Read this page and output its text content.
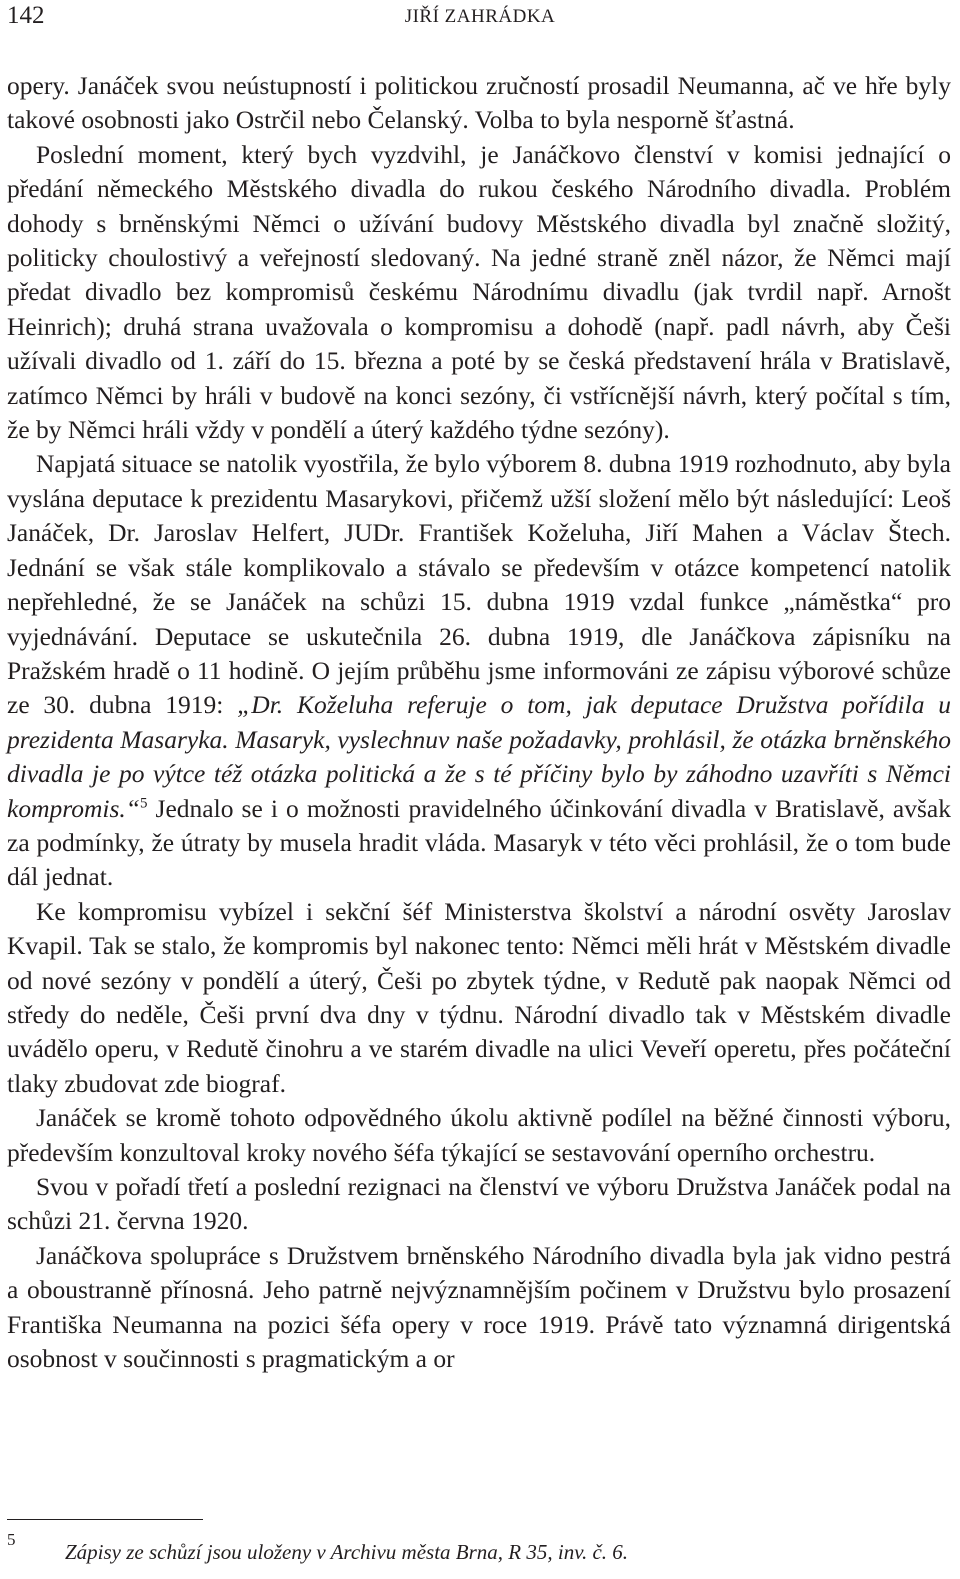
142	JIŘÍ ZAHRÁDKA

opery. Janáček svou neústupností i politickou zručností prosadil Neumanna, ač ve hře byly takové osobnosti jako Ostrčil nebo Čelanský. Volba to byla nesporně šťastná.

Poslední moment, který bych vyzdvihl, je Janáčkovo členství v komisi jednající o předání německého Městského divadla do rukou českého Národního divadla. Problém dohody s brněnskými Němci o užívání budovy Městského divadla byl značně složitý, politicky choulostivý a veřejností sledovaný. Na jedné straně zněl názor, že Němci mají předat divadlo bez kompromisů českému Národnímu divadlu (jak tvrdil např. Arnošt Heinrich); druhá strana uvažovala o kompromisu a dohodě (např. padl návrh, aby Češi užívali divadlo od 1. září do 15. března a poté by se česká představení hrála v Bratislavě, zatímco Němci by hráli v budově na konci sezóny, či vstřícnější návrh, který počítal s tím, že by Němci hráli vždy v pondělí a úterý každého týdne sezóny).

Napjatá situace se natolik vyostřila, že bylo výborem 8. dubna 1919 rozhodnuto, aby byla vyslána deputace k prezidentu Masarykovi, přičemž užší složení mělo být následující: Leoš Janáček, Dr. Jaroslav Helfert, JUDr. František Koželuha, Jiří Mahen a Václav Štech. Jednání se však stále komplikovalo a stávalo se především v otázce kompetencí natolik nepřehledné, že se Janáček na schůzi 15. dubna 1919 vzdal funkce „náměstka“ pro vyjednávání. Deputace se uskutečnila 26. dubna 1919, dle Janáčkova zápisníku na Pražském hradě o 11 hodině. O jejím průběhu jsme informováni ze zápisu výborové schůze ze 30. dubna 1919: „Dr. Koželuha referuje o tom, jak deputace Družstva pořídila u prezidenta Masaryka. Masaryk, vyslechnuv naše požadavky, prohlásil, že otázka brněnského divadla je po výtce též otázka politická a že s té příčiny bylo by záhodno uzavříti s Němci kompromis.“$^5$ Jednalo se i o možnosti pravidelného účinkování divadla v Bratislavě, avšak za podmínky, že útraty by musela hradit vláda. Masaryk v této věci prohlásil, že o tom bude dál jednat.

Ke kompromisu vybízel i sekční šéf Ministerstva školství a národní osvěty Jaroslav Kvapil. Tak se stalo, že kompromis byl nakonec tento: Němci měli hrát v Městském divadle od nové sezóny v pondělí a úterý, Češi po zbytek týdne, v Redutě pak naopak Němci od středy do neděle, Češi první dva dny v týdnu. Národní divadlo tak v Městském divadle uvádělo operu, v Redutě činohru a ve starém divadle na ulici Veveří operetu, přes počáteční tlaky zbudovat zde biograf.

Janáček se kromě tohoto odpovědného úkolu aktivně podílel na běžné činnosti výboru, především konzultoval kroky nového šéfa týkající se sestavování operního orchestru.

Svou v pořadí třetí a poslední rezignaci na členství ve výboru Družstva Janáček podal na schůzi 21. června 1920.

Janáčkova spolupráce s Družstvem brněnského Národního divadla byla jak vidno pestrá a oboustranně přínosná. Jeho patrně nejvýznamnějším počinem v Družstvu bylo prosazení Františka Neumanna na pozici šéfa opery v roce 1919. Právě tato významná dirigentská osobnost v součinnosti s pragmatickým a or

5
Zápisy ze schůzí jsou uloženy v Archivu města Brna, R 35, inv. č. 6.
